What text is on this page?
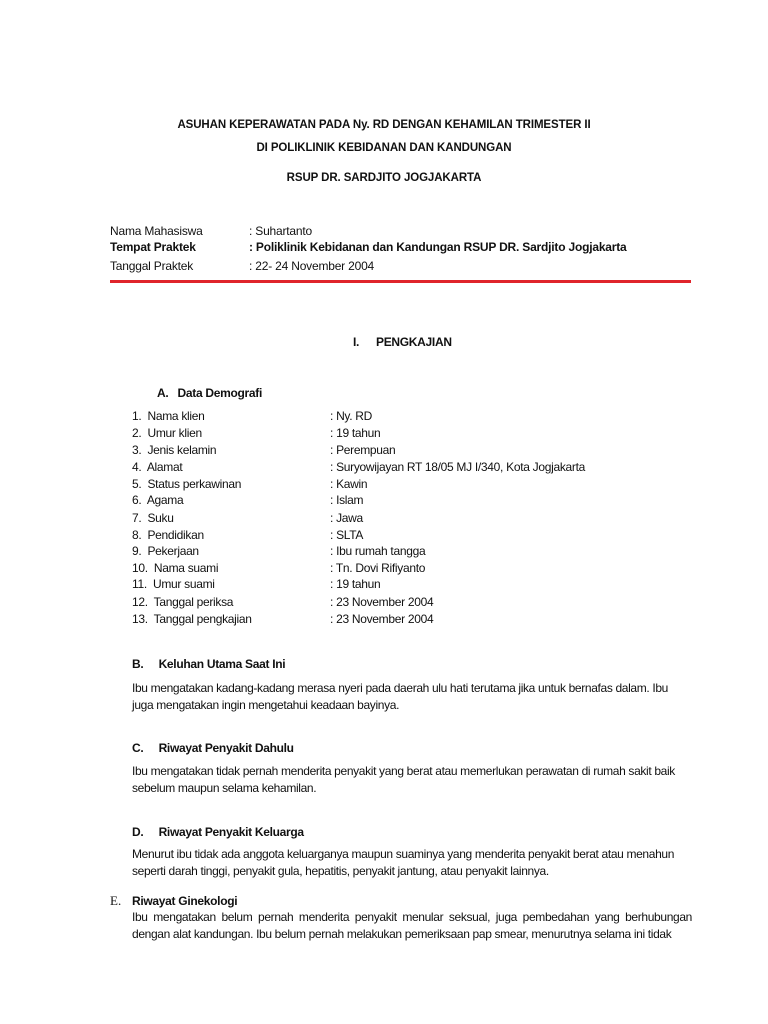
ASUHAN KEPERAWATAN PADA Ny. RD DENGAN KEHAMILAN TRIMESTER II
DI POLIKLINIK KEBIDANAN DAN KANDUNGAN
RSUP DR. SARDJITO JOGJAKARTA
Nama Mahasiswa	: Suhartanto
Tempat Praktek	: Poliklinik Kebidanan dan Kandungan RSUP DR. Sardjito Jogjakarta
Tanggal Praktek	: 22- 24 November 2004
I. PENGKAJIAN
A.   Data Demografi
1.  Nama klien	: Ny. RD
2.  Umur klien	: 19 tahun
3.  Jenis kelamin	: Perempuan
4.  Alamat	: Suryowijayan RT 18/05 MJ I/340, Kota Jogjakarta
5.  Status perkawinan	: Kawin
6.  Agama	: Islam
7.  Suku	: Jawa
8.  Pendidikan	: SLTA
9.  Pekerjaan	: Ibu rumah tangga
10.  Nama suami	: Tn. Dovi Rifiyanto
11.  Umur suami	: 19 tahun
12.  Tanggal periksa	: 23 November 2004
13.  Tanggal pengkajian	: 23 November 2004
B.     Keluhan Utama Saat Ini
Ibu mengatakan kadang-kadang merasa nyeri pada daerah ulu hati terutama jika untuk bernafas dalam. Ibu juga mengatakan ingin mengetahui keadaan bayinya.
C.     Riwayat Penyakit Dahulu
Ibu mengatakan tidak pernah menderita penyakit yang berat atau memerlukan perawatan di rumah sakit baik sebelum maupun selama kehamilan.
D.     Riwayat Penyakit Keluarga
Menurut ibu tidak ada anggota keluarganya maupun suaminya yang menderita penyakit berat atau menahun seperti darah tinggi, penyakit gula, hepatitis, penyakit jantung, atau penyakit lainnya.
E. Riwayat Ginekologi
Ibu mengatakan belum pernah menderita penyakit menular seksual, juga pembedahan yang berhubungan dengan alat kandungan. Ibu belum pernah melakukan pemeriksaan pap smear, menurutnya selama ini tidak
